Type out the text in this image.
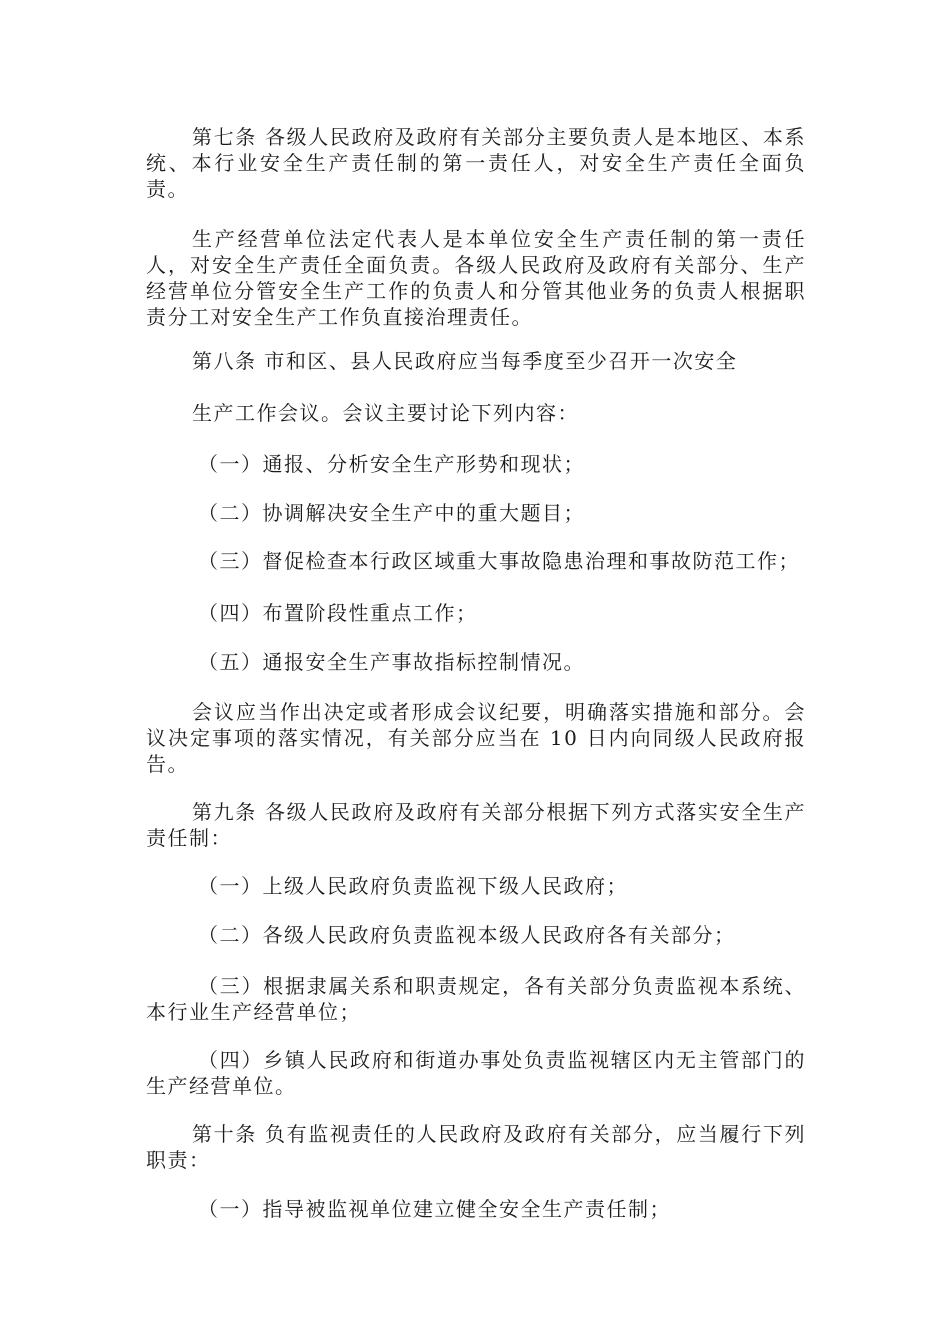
第七条 各级人民政府及政府有关部分主要负责人是本地区、本系统、本行业安全生产责任制的第一责任人，对安全生产责任全面负责。

生产经营单位法定代表人是本单位安全生产责任制的第一责任人，对安全生产责任全面负责。各级人民政府及政府有关部分、生产经营单位分管安全生产工作的负责人和分管其他业务的负责人根据职责分工对安全生产工作负直接治理责任。

第八条 市和区、县人民政府应当每季度至少召开一次安全

生产工作会议。会议主要讨论下列内容：

（一）通报、分析安全生产形势和现状；

（二）协调解决安全生产中的重大题目；

（三）督促检查本行政区域重大事故隐患治理和事故防范工作；

（四）布置阶段性重点工作；

（五）通报安全生产事故指标控制情况。

会议应当作出决定或者形成会议纪要，明确落实措施和部分。会议决定事项的落实情况，有关部分应当在 10 日内向同级人民政府报告。

第九条 各级人民政府及政府有关部分根据下列方式落实安全生产责任制：

（一）上级人民政府负责监视下级人民政府；

（二）各级人民政府负责监视本级人民政府各有关部分；

（三）根据隶属关系和职责规定，各有关部分负责监视本系统、本行业生产经营单位；

（四）乡镇人民政府和街道办事处负责监视辖区内无主管部门的生产经营单位。

第十条 负有监视责任的人民政府及政府有关部分，应当履行下列职责：

（一）指导被监视单位建立健全安全生产责任制；
